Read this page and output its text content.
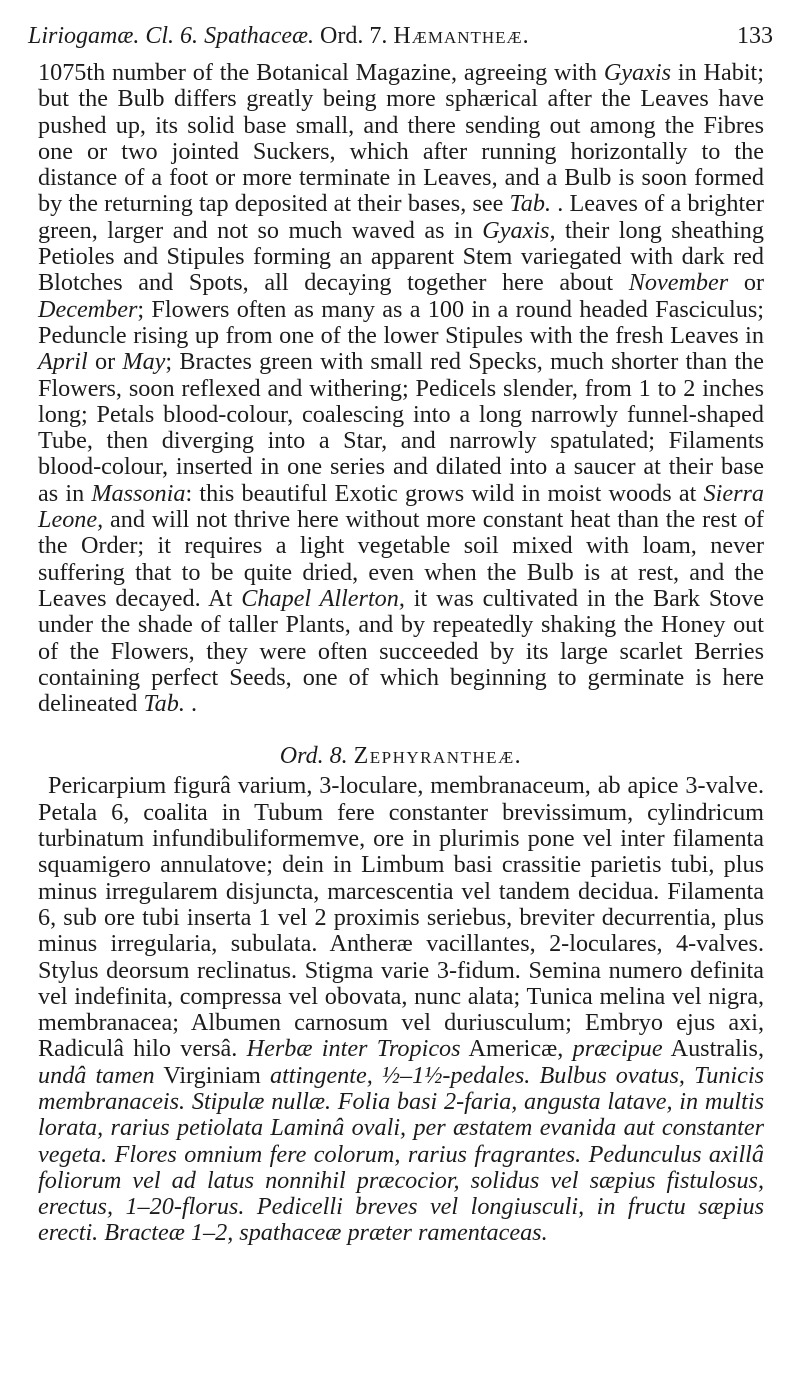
Liriogamæ. Cl. 6. Spathaceæ. Ord. 7. Hæmanthеæ.	133

1075th number of the Botanical Magazine, agreeing with Gyaxis in Habit; but the Bulb differs greatly being more sphærical after the Leaves have pushed up, its solid base small, and there sending out among the Fibres one or two jointed Suckers, which after running horizontally to the distance of a foot or more terminate in Leaves, and a Bulb is soon formed by the returning tap deposited at their bases, see Tab. . Leaves of a brighter green, larger and not so much waved as in Gyaxis, their long sheathing Petioles and Stipules forming an apparent Stem variegated with dark red Blotches and Spots, all decaying together here about November or December; Flowers often as many as a 100 in a round headed Fasciculus; Peduncle rising up from one of the lower Stipules with the fresh Leaves in April or May; Bractes green with small red Specks, much shorter than the Flowers, soon reflexed and withering; Pedicels slender, from 1 to 2 inches long; Petals blood-colour, coalescing into a long narrowly funnel-shaped Tube, then diverging into a Star, and narrowly spatulated; Filaments blood-colour, inserted in one series and dilated into a saucer at their base as in Massonia: this beautiful Exotic grows wild in moist woods at Sierra Leone, and will not thrive here without more constant heat than the rest of the Order; it requires a light vegetable soil mixed with loam, never suffering that to be quite dried, even when the Bulb is at rest, and the Leaves decayed. At Chapel Allerton, it was cultivated in the Bark Stove under the shade of taller Plants, and by repeatedly shaking the Honey out of the Flowers, they were often succeeded by its large scarlet Berries containing perfect Seeds, one of which beginning to germinate is here delineated Tab. .

Ord. 8. Zephyranthеæ.

Pericarpium figurâ varium, 3-loculare, membranaceum, ab apice 3-valve. Petala 6, coalita in Tubum fere constanter brevissimum, cylindricum turbinatum infundibuliformemve, ore in plurimis pone vel inter filamenta squamigero annulatove; dein in Limbum basi crassitie parietis tubi, plus minus irregularem disjuncta, marcescentia vel tandem decidua. Filamenta 6, sub ore tubi inserta 1 vel 2 proximis seriebus, breviter decurrentia, plus minus irregularia, subulata. Antheræ vacillantes, 2-loculares, 4-valves. Stylus deorsum reclinatus. Stigma varie 3-fidum. Semina numero definita vel indefinita, compressa vel obovata, nunc alata; Tunica melina vel nigra, membranacea; Albumen carnosum vel duriusculum; Embryo ejus axi, Radiculâ hilo versâ. Herbæ inter Tropicos Americæ, præcipue Australis, undâ tamen Virginiam attingente, ½–1½-pedales. Bulbus ovatus, Tunicis membranaceis. Stipulæ nullæ. Folia basi 2-faria, angusta latave, in multis lorata, rarius petiolata Laminâ ovali, per æstatem evanida aut constanter vegeta. Flores omnium fere colorum, rarius fragrantes. Pedunculus axillâ foliorum vel ad latus nonnihil præcocior, solidus vel sæpius fistulosus, erectus, 1–20-florus. Pedicelli breves vel longiusculi, in fructu sæpius erecti. Bracteæ 1–2, spathaceæ præter ramentaceas.
